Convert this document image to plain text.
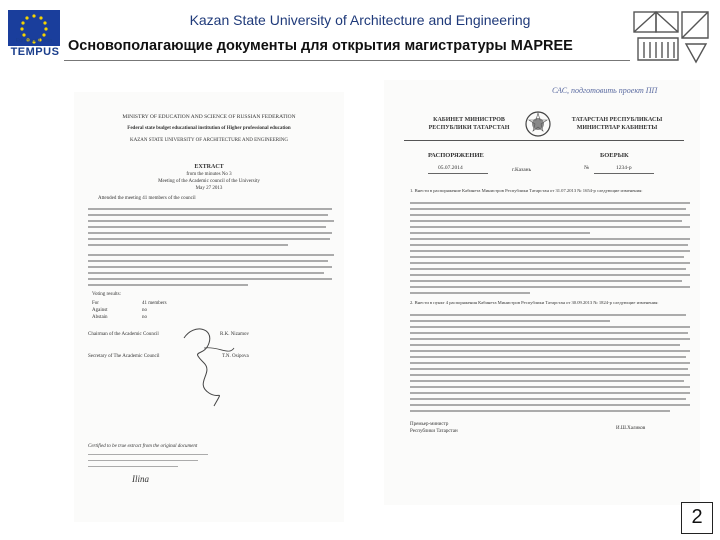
European Union
TEMPUS
Kazan State University of Architecture and Engineering
Основополагающие документы для открытия магистратуры MAPREE
MINISTRY OF EDUCATION AND SCIENCE OF RUSSIAN FEDERATION
Federal state budget educational institution of Higher professional education
KAZAN STATE UNIVERSITY OF ARCHITECTURE AND ENGINEERING
EXTRACT
from the minutes No 3
Meeting of the Academic council of the University
May 27 2013
Attended the meeting 41 members of the council
Voting results:
For	41 members
Against	no
Abstain	no
Chairman of the Academic Council	R.K. Nizamov
Secretary of The Academic Council	T.N. Osipova
Certified to be true extract from the original document
Ilina
САС, подготовить проект ПП
КАБИНЕТ МИНИСТРОВ РЕСПУБЛИКИ ТАТАРСТАН
ТАТАРСТАН РЕСПУБЛИКАСЫ МИНИСТРЛАР КАБИНЕТЫ
РАСПОРЯЖЕНИЕ	БОЕРЫК
05.07.2014	г.Казань	№	1234-р
1. Внести в распоряжение Кабинета Министров Республики Татарстан от 31.07.2013 № 1654-р следующие изменения:
2. Внести в пункт 4 распоряжения Кабинета Министров Республики Татарстан от 30.09.2013 № 1824-р следующие изменения:
Премьер-министр
Республики Татарстан
И.Ш.Халиков
2
